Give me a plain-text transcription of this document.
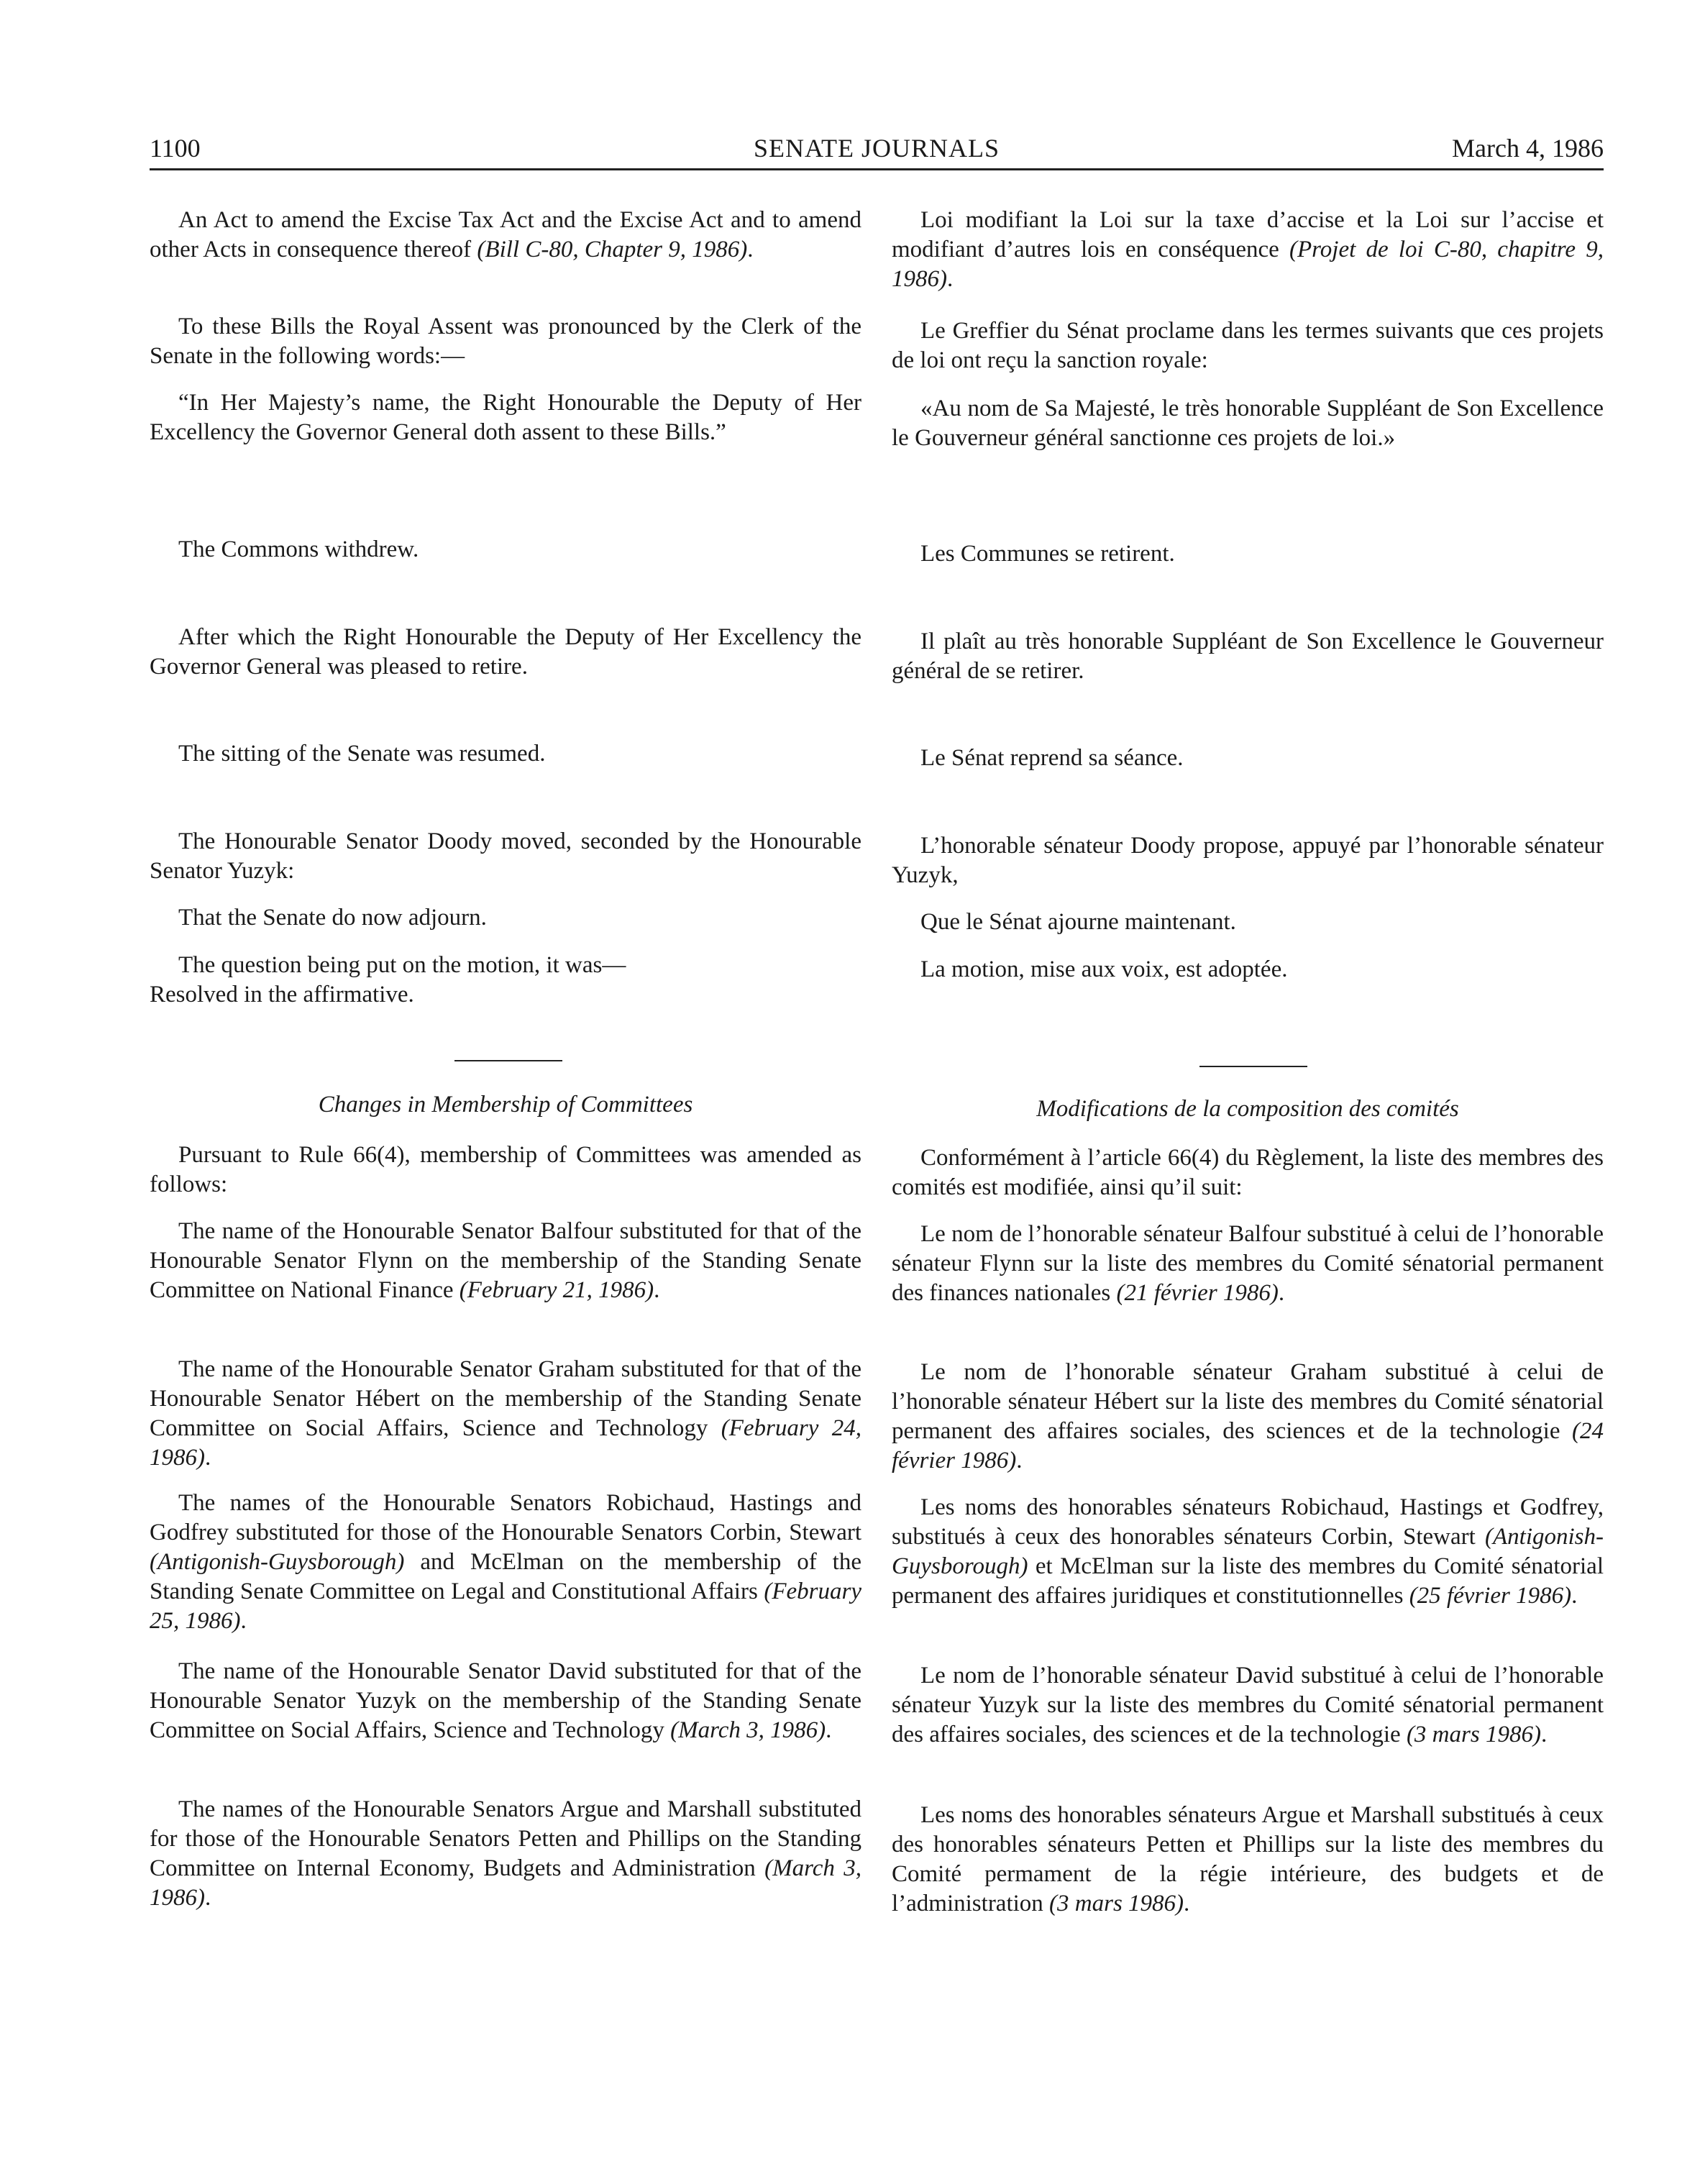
1100	SENATE JOURNALS	March 4, 1986

An Act to amend the Excise Tax Act and the Excise Act and to amend other Acts in consequence thereof (Bill C-80, Chapter 9, 1986).

To these Bills the Royal Assent was pronounced by the Clerk of the Senate in the following words:—

“In Her Majesty’s name, the Right Honourable the Deputy of Her Excellency the Governor General doth assent to these Bills.”

The Commons withdrew.

After which the Right Honourable the Deputy of Her Excellency the Governor General was pleased to retire.

The sitting of the Senate was resumed.

The Honourable Senator Doody moved, seconded by the Honourable Senator Yuzyk:

That the Senate do now adjourn.

The question being put on the motion, it was—
Resolved in the affirmative.

Changes in Membership of Committees

Pursuant to Rule 66(4), membership of Committees was amended as follows:

The name of the Honourable Senator Balfour substituted for that of the Honourable Senator Flynn on the membership of the Standing Senate Committee on National Finance (February 21, 1986).

The name of the Honourable Senator Graham substituted for that of the Honourable Senator Hébert on the membership of the Standing Senate Committee on Social Affairs, Science and Technology (February 24, 1986).

The names of the Honourable Senators Robichaud, Hastings and Godfrey substituted for those of the Honourable Senators Corbin, Stewart (Antigonish-Guysborough) and McElman on the membership of the Standing Senate Committee on Legal and Constitutional Affairs (February 25, 1986).

The name of the Honourable Senator David substituted for that of the Honourable Senator Yuzyk on the membership of the Standing Senate Committee on Social Affairs, Science and Technology (March 3, 1986).

The names of the Honourable Senators Argue and Marshall substituted for those of the Honourable Senators Petten and Phillips on the Standing Committee on Internal Economy, Budgets and Administration (March 3, 1986).

Loi modifiant la Loi sur la taxe d’accise et la Loi sur l’accise et modifiant d’autres lois en conséquence (Projet de loi C-80, chapitre 9, 1986).

Le Greffier du Sénat proclame dans les termes suivants que ces projets de loi ont reçu la sanction royale:

«Au nom de Sa Majesté, le très honorable Suppléant de Son Excellence le Gouverneur général sanctionne ces projets de loi.»

Les Communes se retirent.

Il plaît au très honorable Suppléant de Son Excellence le Gouverneur général de se retirer.

Le Sénat reprend sa séance.

L’honorable sénateur Doody propose, appuyé par l’honorable sénateur Yuzyk,

Que le Sénat ajourne maintenant.

La motion, mise aux voix, est adoptée.

Modifications de la composition des comités

Conformément à l’article 66(4) du Règlement, la liste des membres des comités est modifiée, ainsi qu’il suit:

Le nom de l’honorable sénateur Balfour substitué à celui de l’honorable sénateur Flynn sur la liste des membres du Comité sénatorial permanent des finances nationales (21 février 1986).

Le nom de l’honorable sénateur Graham substitué à celui de l’honorable sénateur Hébert sur la liste des membres du Comité sénatorial permanent des affaires sociales, des sciences et de la technologie (24 février 1986).

Les noms des honorables sénateurs Robichaud, Hastings et Godfrey, substitués à ceux des honorables sénateurs Corbin, Stewart (Antigonish-Guysborough) et McElman sur la liste des membres du Comité sénatorial permanent des affaires juridiques et constitutionnelles (25 février 1986).

Le nom de l’honorable sénateur David substitué à celui de l’honorable sénateur Yuzyk sur la liste des membres du Comité sénatorial permanent des affaires sociales, des sciences et de la technologie (3 mars 1986).

Les noms des honorables sénateurs Argue et Marshall substitués à ceux des honorables sénateurs Petten et Phillips sur la liste des membres du Comité permament de la régie intérieure, des budgets et de l’administration (3 mars 1986).
